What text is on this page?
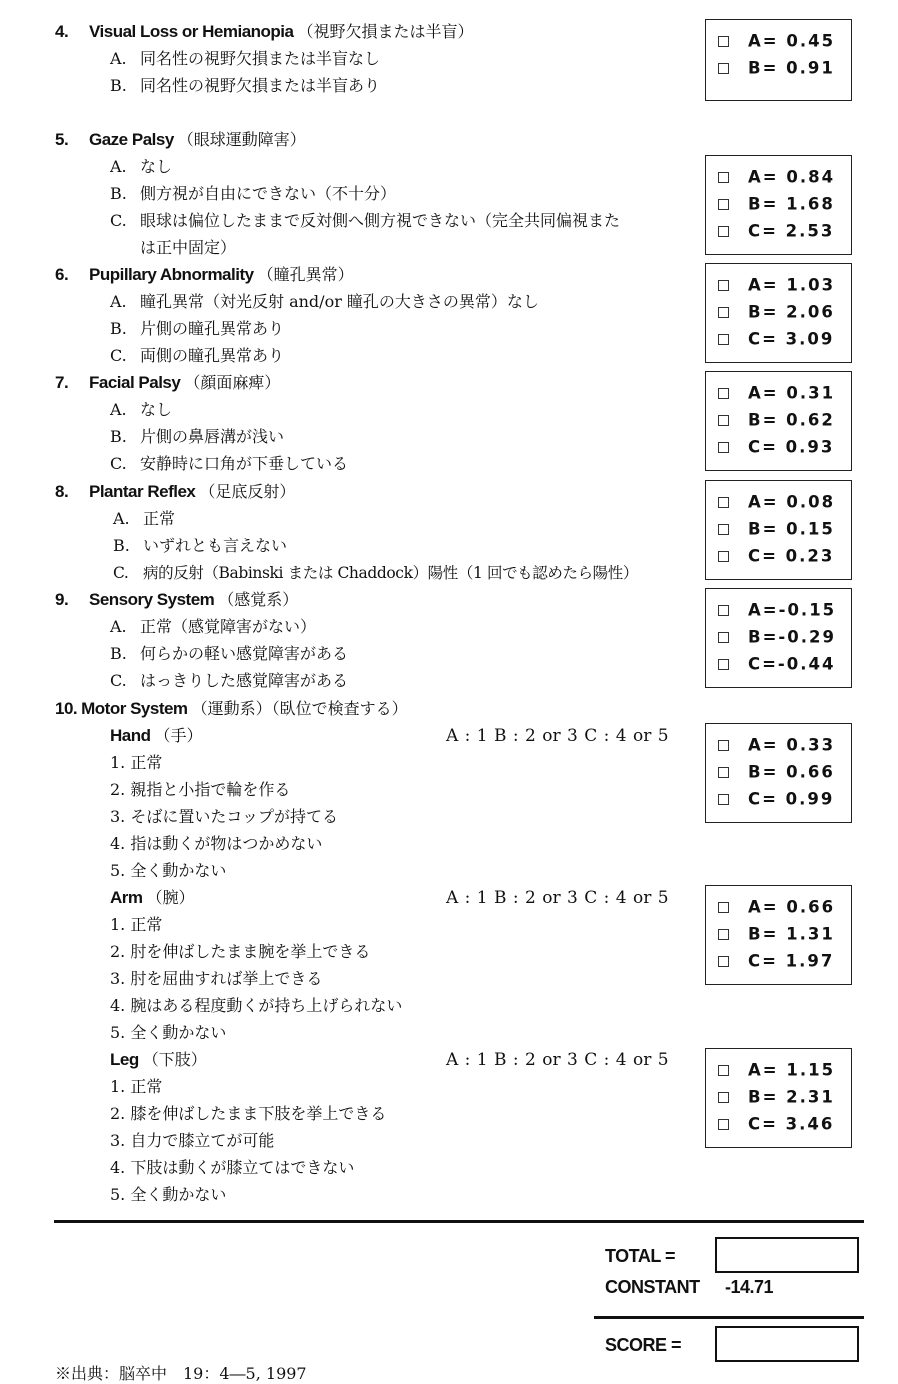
4. Visual Loss or Hemianopia （視野欠損または半盲）
A. 同名性の視野欠損または半盲なし
B. 同名性の視野欠損または半盲あり
A= 0.45
B= 0.91
5. Gaze Palsy （眼球運動障害）
A. なし
B. 側方視が自由にできない（不十分）
C. 眼球は偏位したままで反対側へ側方視できない（完全共同偏視また
は正中固定）
A= 0.84
B= 1.68
C= 2.53
6. Pupillary Abnormality （瞳孔異常）
A. 瞳孔異常（対光反射 and/or 瞳孔の大きさの異常）なし
B. 片側の瞳孔異常あり
C. 両側の瞳孔異常あり
A= 1.03
B= 2.06
C= 3.09
7. Facial Palsy （顔面麻痺）
A. なし
B. 片側の鼻唇溝が浅い
C. 安静時に口角が下垂している
A= 0.31
B= 0.62
C= 0.93
8. Plantar Reflex （足底反射）
A. 正常
B. いずれとも言えない
C. 病的反射（Babinski または Chaddock）陽性（1 回でも認めたら陽性）
A= 0.08
B= 0.15
C= 0.23
9. Sensory System （感覚系）
A. 正常（感覚障害がない）
B. 何らかの軽い感覚障害がある
C. はっきりした感覚障害がある
A=-0.15
B=-0.29
C=-0.44
10. Motor System （運動系）（臥位で検査する）
Hand （手）	A : 1 B : 2 or 3 C : 4 or 5
1. 正常
2. 親指と小指で輪を作る
3. そばに置いたコップが持てる
4. 指は動くが物はつかめない
5. 全く動かない
A= 0.33
B= 0.66
C= 0.99
Arm （腕）	A : 1 B : 2 or 3 C : 4 or 5
1. 正常
2. 肘を伸ばしたまま腕を挙上できる
3. 肘を屈曲すれば挙上できる
4. 腕はある程度動くが持ち上げられない
5. 全く動かない
A= 0.66
B= 1.31
C= 1.97
Leg （下肢）	A : 1 B : 2 or 3 C : 4 or 5
1. 正常
2. 膝を伸ばしたまま下肢を挙上できる
3. 自力で膝立てが可能
4. 下肢は動くが膝立てはできない
5. 全く動かない
A= 1.15
B= 2.31
C= 3.46
TOTAL =
CONSTANT -14.71
SCORE =
※出典：脳卒中　19：4―5, 1997
